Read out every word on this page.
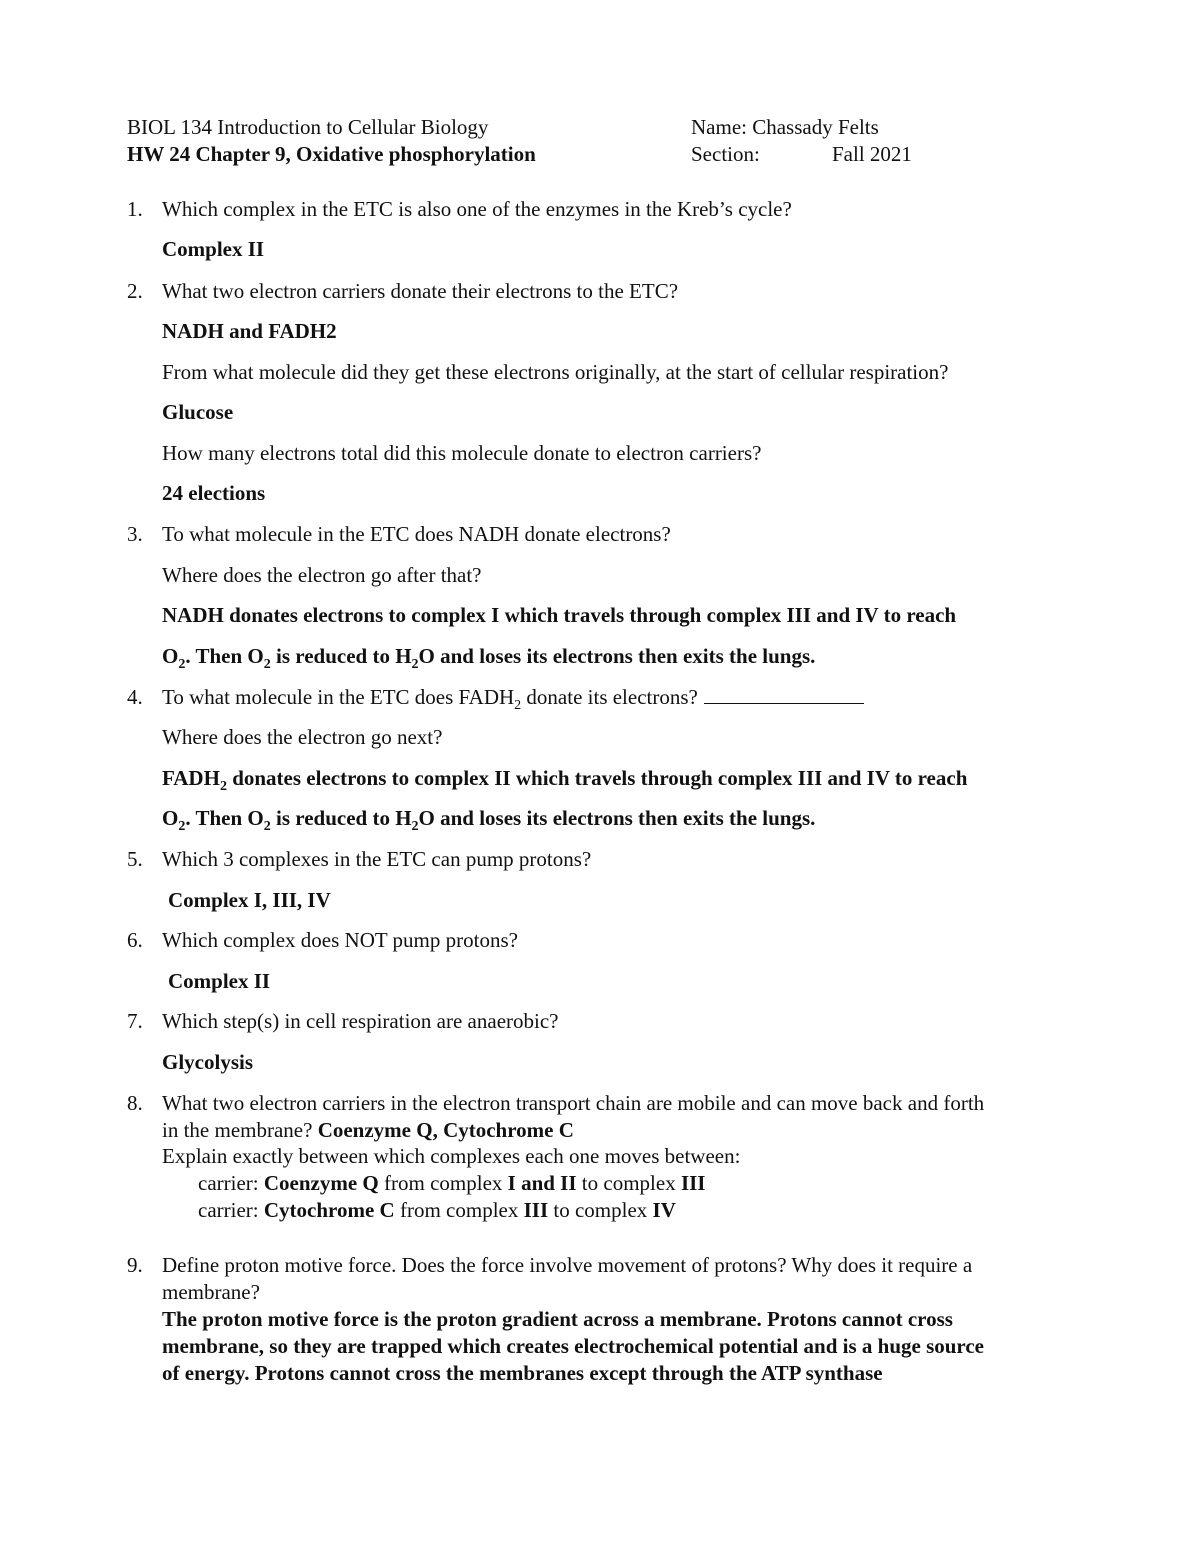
BIOL 134 Introduction to Cellular Biology	Name: Chassady Felts
HW 24 Chapter 9, Oxidative phosphorylation	Section:	Fall 2021
1. Which complex in the ETC is also one of the enzymes in the Kreb’s cycle?
Complex II
2. What two electron carriers donate their electrons to the ETC?
NADH and FADH2
From what molecule did they get these electrons originally, at the start of cellular respiration?
Glucose
How many electrons total did this molecule donate to electron carriers?
24 elections
3. To what molecule in the ETC does NADH donate electrons?
Where does the electron go after that?
NADH donates electrons to complex I which travels through complex III and IV to reach
$O_2$. Then $O_2$ is reduced to $H_2O$ and loses its electrons then exits the lungs.
4. To what molecule in the ETC does $FADH_2$ donate its electrons?
Where does the electron go next?
$FADH_2$ donates electrons to complex II which travels through complex III and IV to reach
$O_2$. Then $O_2$ is reduced to $H_2O$ and loses its electrons then exits the lungs.
5. Which 3 complexes in the ETC can pump protons?
Complex I, III, IV
6. Which complex does NOT pump protons?
Complex II
7. Which step(s) in cell respiration are anaerobic?
Glycolysis
8. What two electron carriers in the electron transport chain are mobile and can move back and forth
in the membrane? Coenzyme Q, Cytochrome C
Explain exactly between which complexes each one moves between:
carrier: Coenzyme Q from complex I and II to complex III
carrier: Cytochrome C from complex III to complex IV
9. Define proton motive force. Does the force involve movement of protons? Why does it require a
membrane?
The proton motive force is the proton gradient across a membrane. Protons cannot cross
membrane, so they are trapped which creates electrochemical potential and is a huge source
of energy. Protons cannot cross the membranes except through the ATP synthase
